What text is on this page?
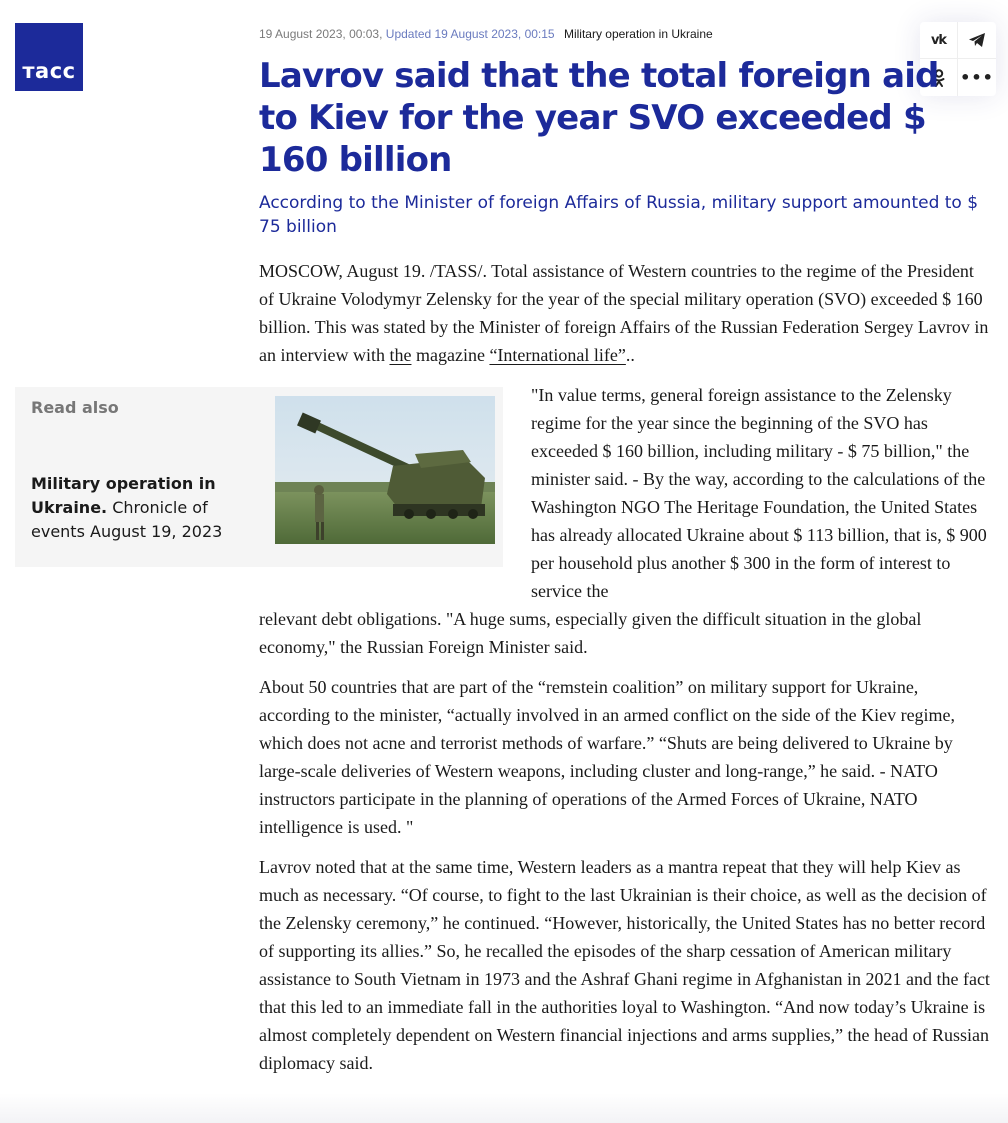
тасс
19 August 2023, 00:03, Updated 19 August 2023, 00:15 Military operation in Ukraine	vk
•••
Lavrov said that the total foreign aid to Kiev for the year SVO exceeded $ 160 billion
According to the Minister of foreign Affairs of Russia, military support amounted to $ 75 billion

MOSCOW, August 19. /TASS/. Total assistance of Western countries to the regime of the President of Ukraine Volodymyr Zelensky for the year of the special military operation (SVO) exceeded $ 160 billion. This was stated by the Minister of foreign Affairs of the Russian Federation Sergey Lavrov in an interview with the magazine “International life”..

Read also
Military operation in Ukraine. Chronicle of events August 19, 2023

"In value terms, general foreign assistance to the Zelensky regime for the year since the beginning of the SVO has exceeded $ 160 billion, including military - $ 75 billion," the minister said. - By the way, according to the calculations of the Washington NGO The Heritage Foundation, the United States has already allocated Ukraine about $ 113 billion, that is, $ 900 per household plus another $ 300 in the form of interest to service the

relevant debt obligations. "A huge sums, especially given the difficult situation in the global economy," the Russian Foreign Minister said.

About 50 countries that are part of the “remstein coalition” on military support for Ukraine, according to the minister, “actually involved in an armed conflict on the side of the Kiev regime, which does not acne and terrorist methods of warfare.” “Shuts are being delivered to Ukraine by large-scale deliveries of Western weapons, including cluster and long-range,” he said. - NATO instructors participate in the planning of operations of the Armed Forces of Ukraine, NATO intelligence is used. "

Lavrov noted that at the same time, Western leaders as a mantra repeat that they will help Kiev as much as necessary. “Of course, to fight to the last Ukrainian is their choice, as well as the decision of the Zelensky ceremony,” he continued. “However, historically, the United States has no better record of supporting its allies.” So, he recalled the episodes of the sharp cessation of American military assistance to South Vietnam in 1973 and the Ashraf Ghani regime in Afghanistan in 2021 and the fact that this led to an immediate fall in the authorities loyal to Washington. “And now today’s Ukraine is almost completely dependent on Western financial injections and arms supplies,” the head of Russian diplomacy said.
